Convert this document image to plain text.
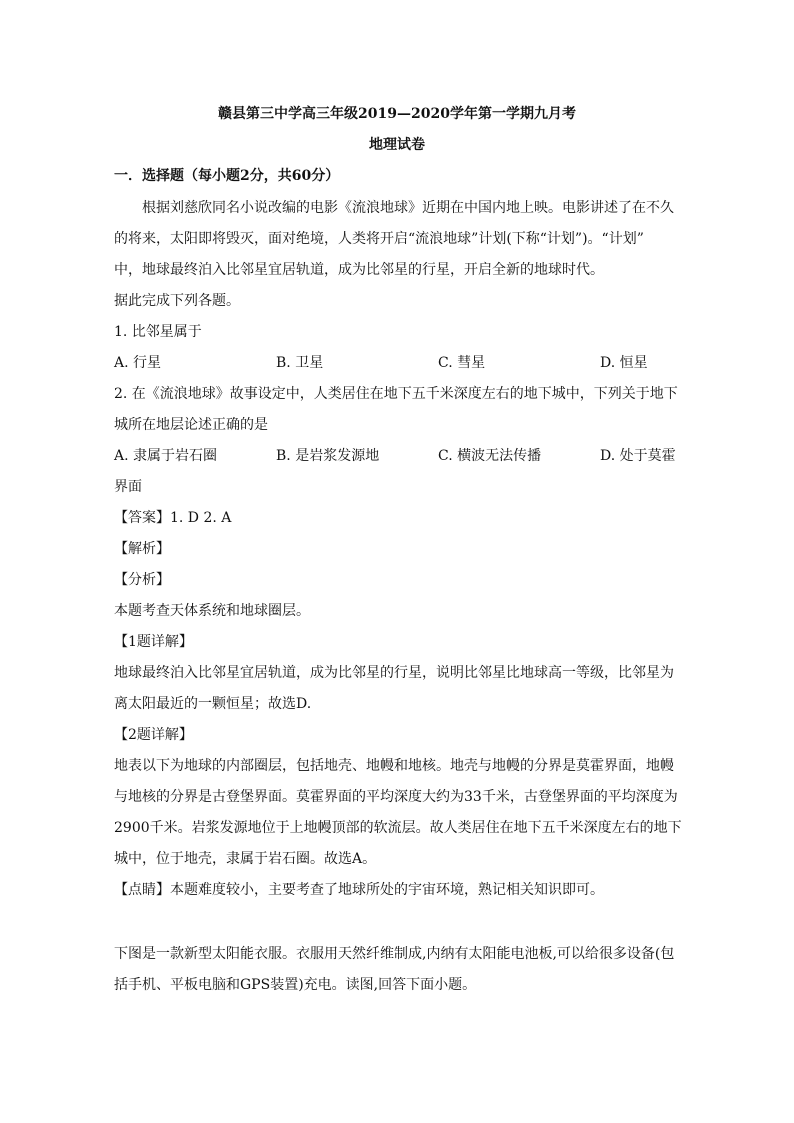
赣县第三中学高三年级2019—2020学年第一学期九月考
地理试卷
一．选择题（每小题2分，共60分）
根据刘慈欣同名小说改编的电影《流浪地球》近期在中国内地上映。电影讲述了在不久
的将来，太阳即将毁灭，面对绝境，人类将开启“流浪地球”计划(下称“计划”)。“计划”
中，地球最终泊入比邻星宜居轨道，成为比邻星的行星，开启全新的地球时代。
据此完成下列各题。
1. 比邻星属于
A. 行星	B. 卫星	C. 彗星	D. 恒星
2. 在《流浪地球》故事设定中，人类居住在地下五千米深度左右的地下城中，下列关于地下
城所在地层论述正确的是
A. 隶属于岩石圈	B. 是岩浆发源地	C. 横波无法传播	D. 处于莫霍
界面
【答案】1. D 2. A
【解析】
【分析】
本题考查天体系统和地球圈层。
【1题详解】
地球最终泊入比邻星宜居轨道，成为比邻星的行星，说明比邻星比地球高一等级，比邻星为
离太阳最近的一颗恒星；故选D.
【2题详解】
地表以下为地球的内部圈层，包括地壳、地幔和地核。地壳与地幔的分界是莫霍界面，地幔
与地核的分界是古登堡界面。莫霍界面的平均深度大约为33千米，古登堡界面的平均深度为
2900千米。岩浆发源地位于上地幔顶部的软流层。故人类居住在地下五千米深度左右的地下
城中，位于地壳，隶属于岩石圈。故选A。
【点睛】本题难度较小，主要考查了地球所处的宇宙环境，熟记相关知识即可。
下图是一款新型太阳能衣服。衣服用天然纤维制成,内纳有太阳能电池板,可以给很多设备(包
括手机、平板电脑和GPS装置)充电。读图,回答下面小题。
